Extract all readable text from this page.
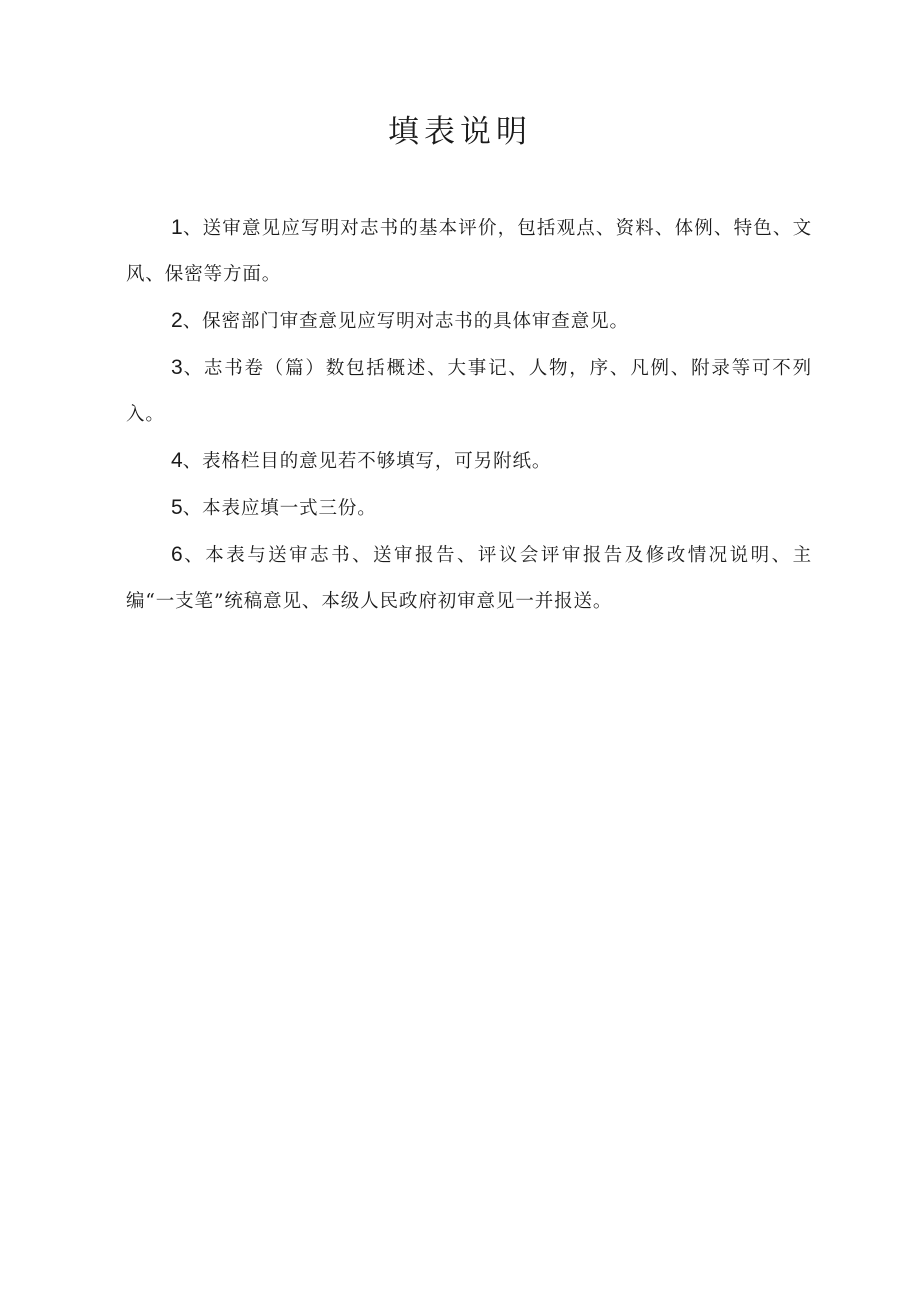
填表说明
1、送审意见应写明对志书的基本评价，包括观点、资料、体例、特色、文风、保密等方面。
2、保密部门审查意见应写明对志书的具体审查意见。
3、志书卷（篇）数包括概述、大事记、人物，序、凡例、附录等可不列入。
4、表格栏目的意见若不够填写，可另附纸。
5、本表应填一式三份。
6、本表与送审志书、送审报告、评议会评审报告及修改情况说明、主编“一支笔”统稿意见、本级人民政府初审意见一并报送。
